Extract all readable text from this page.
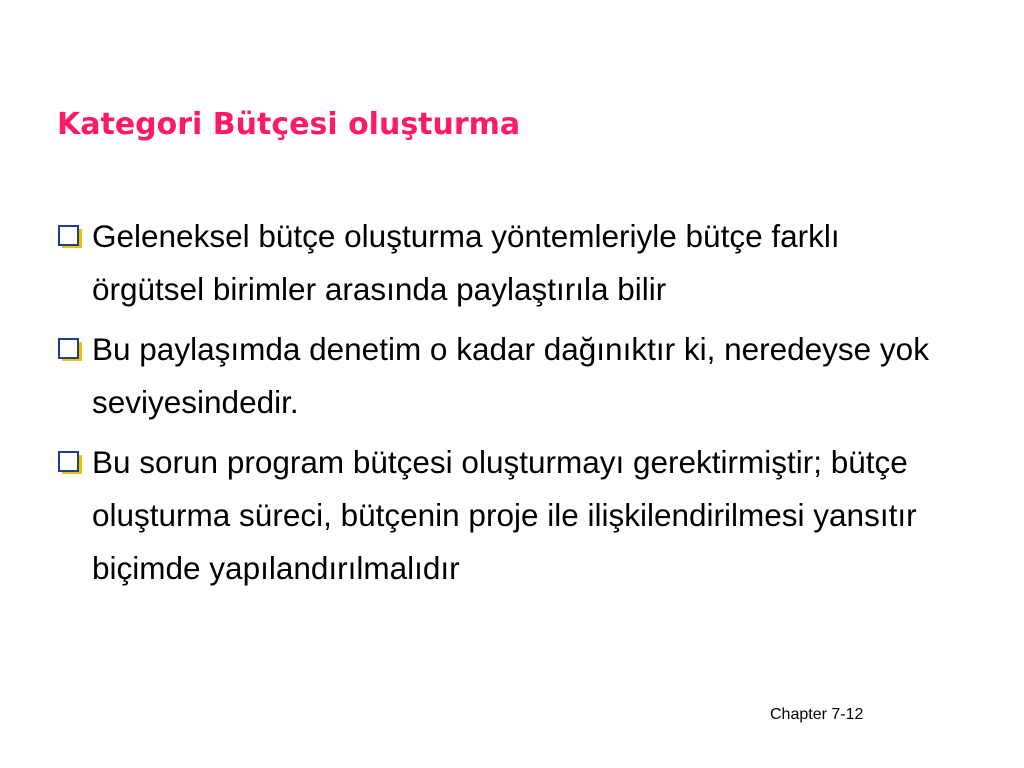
Kategori Bütçesi oluşturma
Geleneksel bütçe oluşturma yöntemleriyle bütçe farklı örgütsel birimler arasında paylaştırıla bilir
Bu paylaşımda denetim o kadar dağınıktır ki, neredeyse yok seviyesindedir.
Bu sorun program bütçesi oluşturmayı gerektirmiştir; bütçe oluşturma süreci, bütçenin proje ile ilişkilendirilmesi yansıtır biçimde yapılandırılmalıdır
Chapter 7-12
